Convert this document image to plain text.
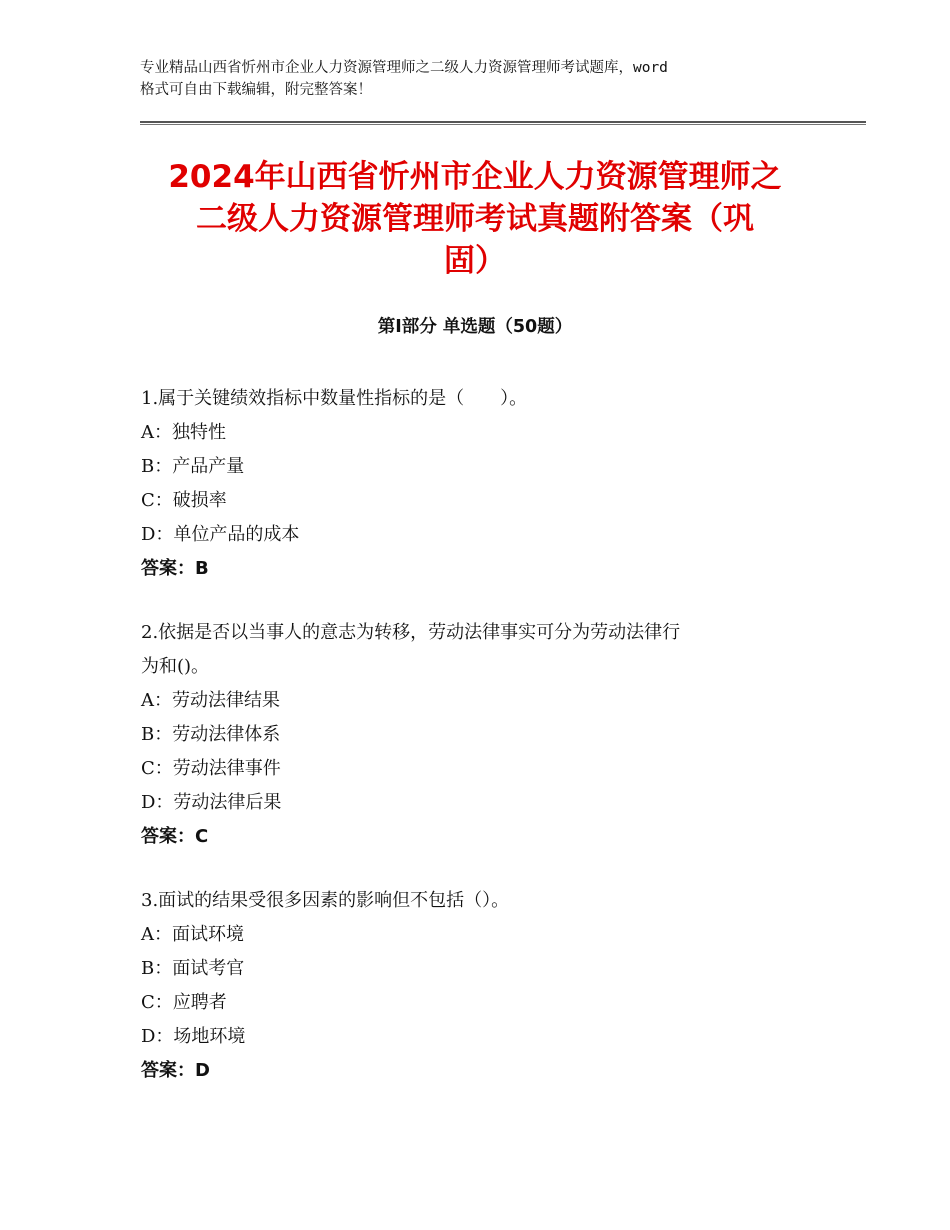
专业精品山西省忻州市企业人力资源管理师之二级人力资源管理师考试题库，word
格式可自由下载编辑，附完整答案！
2024年山西省忻州市企业人力资源管理师之
二级人力资源管理师考试真题附答案（巩
固）
第Ⅰ部分 单选题（50题）
1.属于关键绩效指标中数量性指标的是（　　）。
A：独特性
B：产品产量
C：破损率
D：单位产品的成本
答案：B
2.依据是否以当事人的意志为转移，劳动法律事实可分为劳动法律行
为和()。
A：劳动法律结果
B：劳动法律体系
C：劳动法律事件
D：劳动法律后果
答案：C
3.面试的结果受很多因素的影响但不包括（）。
A：面试环境
B：面试考官
C：应聘者
D：场地环境
答案：D
